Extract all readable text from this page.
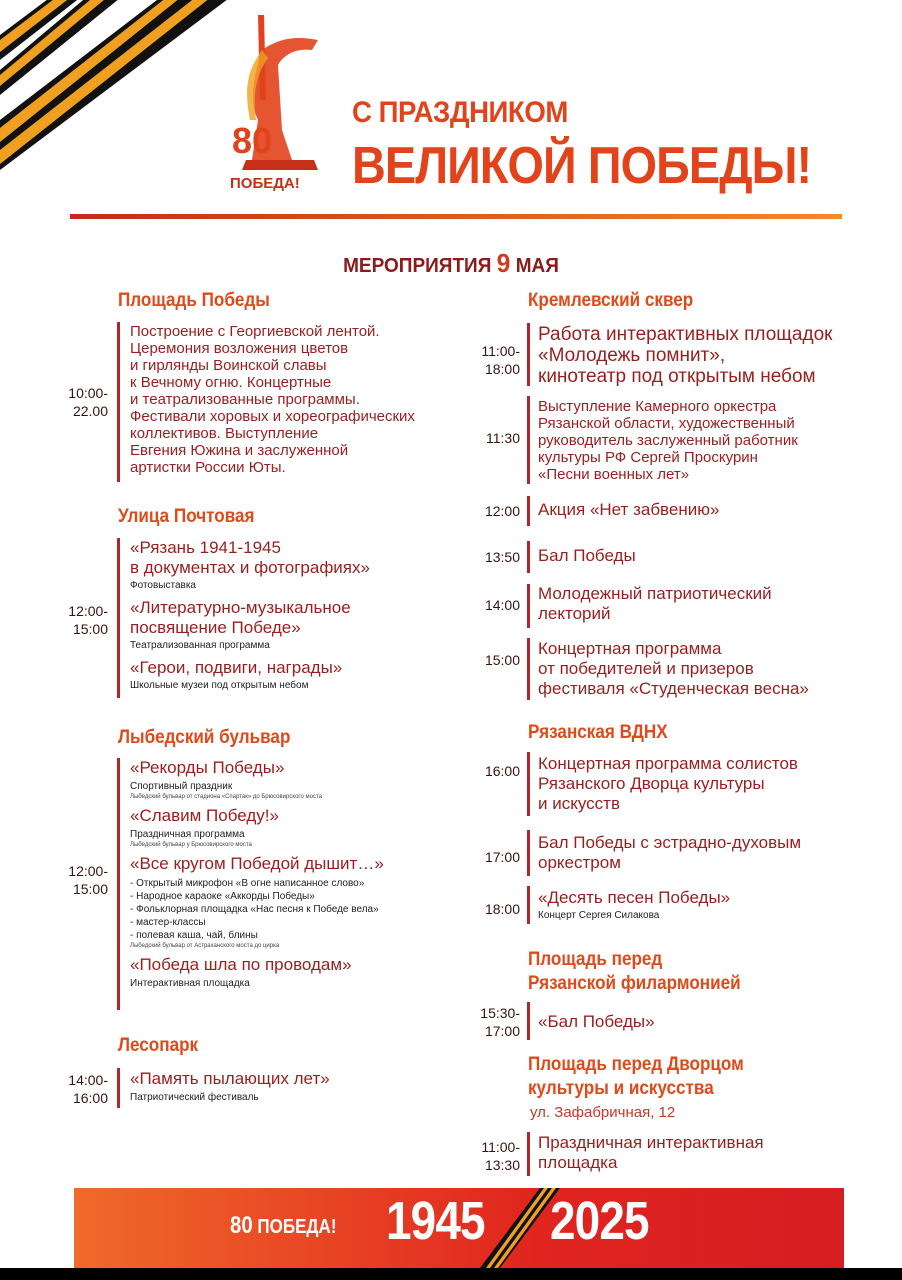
80
ПОБЕДА!
С ПРАЗДНИКОМ
ВЕЛИКОЙ ПОБЕДЫ!
МЕРОПРИЯТИЯ 9 МАЯ
Площадь Победы
10:00-
22.00
Построение с Георгиевской лентой.
Церемония возложения цветов
и гирлянды Воинской славы
к Вечному огню. Концертные
и театрализованные программы.
Фестивали хоровых и хореографических
коллективов. Выступление
Евгения Южина и заслуженной
артистки России Юты.
Улица Почтовая
12:00-
15:00
«Рязань 1941-1945
в документах и фотографиях»
Фотовыставка
«Литературно-музыкальное
посвящение Победе»
Театрализованная программа
«Герои, подвиги, награды»
Школьные музеи под открытым небом
Лыбедский бульвар
12:00-
15:00
«Рекорды Победы»
Спортивный праздник
Лыбедский бульвар от стадиона «Спартак» до Брюсовирского моста
«Славим Победу!»
Праздничная программа
Лыбедский бульвар у Брюсовирского моста
«Все кругом Победой дышит…»
- Открытый микрофон «В огне написанное слово»
- Народное караоке «Аккорды Победы»
- Фольклорная площадка «Нас песня к Победе вела»
- мастер-классы
- полевая каша, чай, блины
Лыбедский бульвар от Астраханского моста до цирка
«Победа шла по проводам»
Интерактивная площадка
Лесопарк
14:00-
16:00
«Память пылающих лет»
Патриотический фестиваль
Кремлевский сквер
11:00-
18:00
Работа интерактивных площадок
«Молодежь помнит»,
кинотеатр под открытым небом
11:30
Выступление Камерного оркестра
Рязанской области, художественный
руководитель заслуженный работник
культуры РФ Сергей Проскурин
«Песни военных лет»
12:00 Акция «Нет забвению»
13:50 Бал Победы
14:00
Молодежный патриотический
лекторий
15:00
Концертная программа
от победителей и призеров
фестиваля «Студенческая весна»
Рязанская ВДНХ
16:00 Концертная программа солистов
Рязанского Дворца культуры
и искусств
17:00
Бал Победы с эстрадно-духовым
оркестром
18:00
«Десять песен Победы»
Концерт Сергея Силакова
Площадь перед
Рязанской филармонией
15:30-
17:00 «Бал Победы»
Площадь перед Дворцом
культуры и искусства
ул. Зафабричная, 12
11:00-
13:30
Праздничная интерактивная
площадка
80 ПОБЕДА! 1945 2025
